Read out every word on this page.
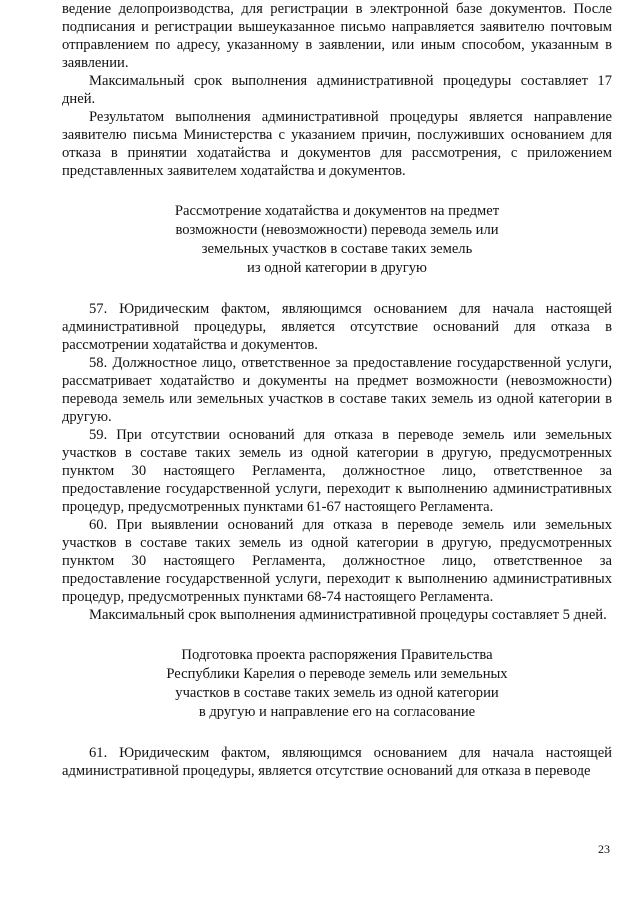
ведение делопроизводства, для регистрации в электронной базе документов. После подписания и регистрации вышеуказанное письмо направляется заявителю почтовым отправлением по адресу, указанному в заявлении, или иным способом, указанным в заявлении.

Максимальный срок выполнения административной процедуры составляет 17 дней.

Результатом выполнения административной процедуры является направление заявителю письма Министерства с указанием причин, послуживших основанием для отказа в принятии ходатайства и документов для рассмотрения, с приложением представленных заявителем ходатайства и документов.

Рассмотрение ходатайства и документов на предмет
возможности (невозможности) перевода земель или
земельных участков в составе таких земель
из одной категории в другую

57. Юридическим фактом, являющимся основанием для начала настоящей административной процедуры, является отсутствие оснований для отказа в рассмотрении ходатайства и документов.

58. Должностное лицо, ответственное за предоставление государственной услуги, рассматривает ходатайство и документы на предмет возможности (невозможности) перевода земель или земельных участков в составе таких земель из одной категории в другую.

59. При отсутствии оснований для отказа в переводе земель или земельных участков в составе таких земель из одной категории в другую, предусмотренных пунктом 30 настоящего Регламента, должностное лицо, ответственное за предоставление государственной услуги, переходит к выполнению административных процедур, предусмотренных пунктами 61-67 настоящего Регламента.

60. При выявлении оснований для отказа в переводе земель или земельных участков в составе таких земель из одной категории в другую, предусмотренных пунктом 30 настоящего Регламента, должностное лицо, ответственное за предоставление государственной услуги, переходит к выполнению административных процедур, предусмотренных пунктами 68-74 настоящего Регламента.

Максимальный срок выполнения административной процедуры составляет 5 дней.

Подготовка проекта распоряжения Правительства
Республики Карелия о переводе земель или земельных
участков в составе таких земель из одной категории
в другую и направление его на согласование

61. Юридическим фактом, являющимся основанием для начала настоящей административной процедуры, является отсутствие оснований для отказа в переводе

23
